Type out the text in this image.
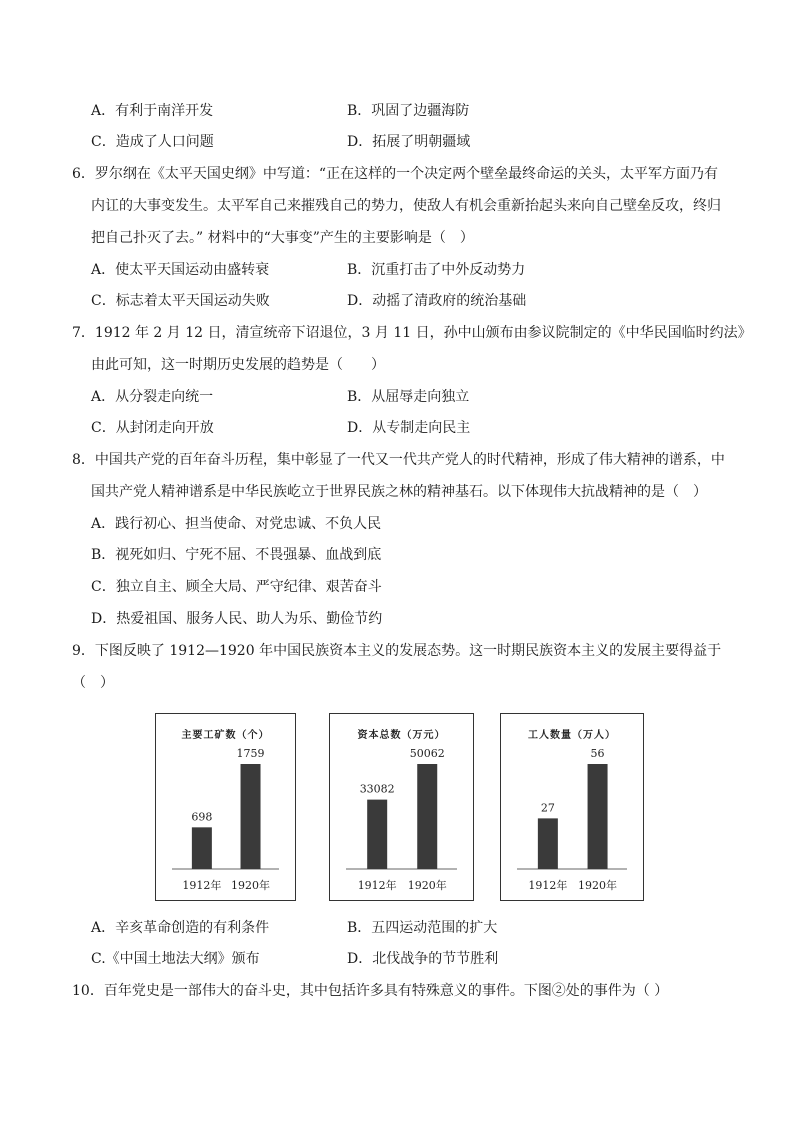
A．有利于南洋开发	B．巩固了边疆海防
C．造成了人口问题	D．拓展了明朝疆域
6．罗尔纲在《太平天国史纲》中写道：“正在这样的一个决定两个壁垒最终命运的关头，太平军方面乃有
内讧的大事变发生。太平军自己来摧残自己的势力，使敌人有机会重新抬起头来向自己壁垒反攻，终归
把自己扑灭了去。” 材料中的“大事变”产生的主要影响是（　）
A．使太平天国运动由盛转衰	B．沉重打击了中外反动势力
C．标志着太平天国运动失败	D．动摇了清政府的统治基础
7．1912 年 2 月 12 日，清宣统帝下诏退位，3 月 11 日，孙中山颁布由参议院制定的《中华民国临时约法》
由此可知，这一时期历史发展的趋势是（　　）
A．从分裂走向统一	B．从屈辱走向独立
C．从封闭走向开放	D．从专制走向民主
8．中国共产党的百年奋斗历程，集中彰显了一代又一代共产党人的时代精神，形成了伟大精神的谱系，中
国共产党人精神谱系是中华民族屹立于世界民族之林的精神基石。以下体现伟大抗战精神的是（　）
A．践行初心、担当使命、对党忠诚、不负人民
B．视死如归、宁死不屈、不畏强暴、血战到底
C．独立自主、顾全大局、严守纪律、艰苦奋斗
D．热爱祖国、服务人民、助人为乐、勤俭节约
9．下图反映了 1912—1920 年中国民族资本主义的发展态势。这一时期民族资本主义的发展主要得益于
（　）
主要工矿数（个）
698
1912年
1759
1920年
资本总数（万元）
33082
1912年
50062
1920年
工人数量（万人）
27
1912年
56
1920年
A．辛亥革命创造的有利条件	B．五四运动范围的扩大
C.《中国土地法大纲》颁布	D．北伐战争的节节胜利
10．百年党史是一部伟大的奋斗史，其中包括许多具有特殊意义的事件。下图②处的事件为（ ）
